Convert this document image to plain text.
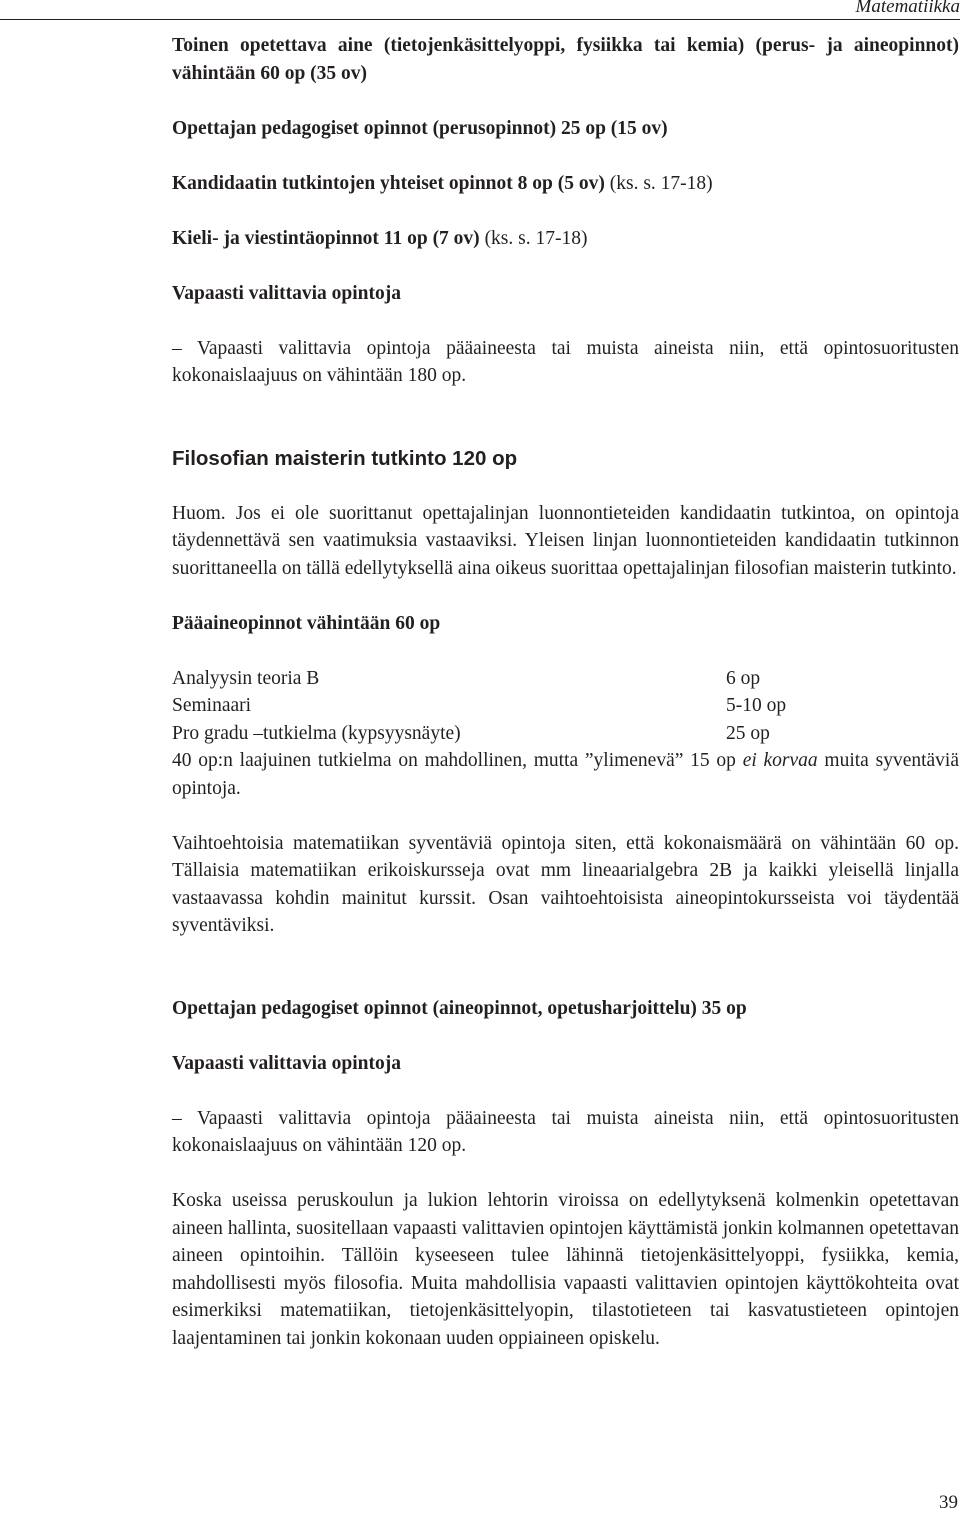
Matematiikka

Toinen opetettava aine (tietojenkäsittelyoppi, fysiikka tai kemia) (perus- ja aineopinnot) vähintään 60 op (35 ov)

Opettajan pedagogiset opinnot (perusopinnot) 25 op (15 ov)

Kandidaatin tutkintojen yhteiset opinnot 8 op (5 ov) (ks. s. 17-18)

Kieli- ja viestintäopinnot 11 op (7 ov) (ks. s. 17-18)

Vapaasti valittavia opintoja

– Vapaasti valittavia opintoja pääaineesta tai muista aineista niin, että opintosuoritusten kokonaislaajuus on vähintään 180 op.

Filosofian maisterin tutkinto 120 op

Huom. Jos ei ole suorittanut opettajalinjan luonnontieteiden kandidaatin tutkintoa, on opintoja täydennettävä sen vaatimuksia vastaaviksi. Yleisen linjan luonnontieteiden kandidaatin tutkinnon suorittaneella on tällä edellytyksellä aina oikeus suorittaa opettajalinjan filosofian maisterin tutkinto.

Pääaineopinnot vähintään 60 op

Analyysin teoria B	6 op
Seminaari	5-10 op
Pro gradu –tutkielma (kypsyysnäyte)	25 op

40 op:n laajuinen tutkielma on mahdollinen, mutta ”ylimenevä” 15 op ei korvaa muita syventäviä opintoja.

Vaihtoehtoisia matematiikan syventäviä opintoja siten, että kokonaismäärä on vähintään 60 op. Tällaisia matematiikan erikoiskursseja ovat mm lineaarialgebra 2B ja kaikki yleisellä linjalla vastaavassa kohdin mainitut kurssit. Osan vaihtoehtoisista aineopintokursseista voi täydentää syventäviksi.

Opettajan pedagogiset opinnot (aineopinnot, opetusharjoittelu) 35 op

Vapaasti valittavia opintoja

– Vapaasti valittavia opintoja pääaineesta tai muista aineista niin, että opintosuoritusten kokonaislaajuus on vähintään 120 op.

Koska useissa peruskoulun ja lukion lehtorin viroissa on edellytyksenä kolmenkin opetettavan aineen hallinta, suositellaan vapaasti valittavien opintojen käyttämistä jonkin kolmannen opetettavan aineen opintoihin. Tällöin kyseeseen tulee lähinnä tietojenkäsittelyoppi, fysiikka, kemia, mahdollisesti myös filosofia. Muita mahdollisia vapaasti valittavien opintojen käyttökohteita ovat esimerkiksi matematiikan, tietojenkäsittelyopin, tilastotieteen tai kasvatustieteen opintojen laajentaminen tai jonkin kokonaan uuden oppiaineen opiskelu.

39
